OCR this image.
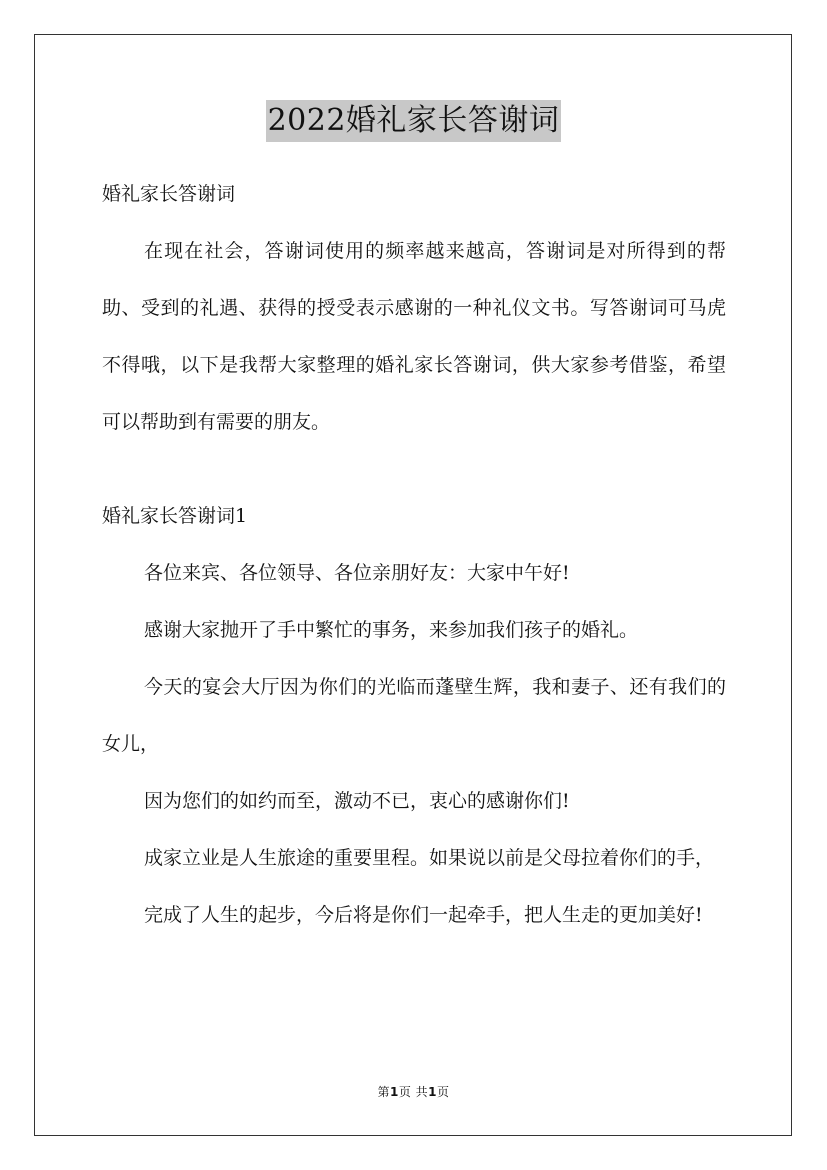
2022婚礼家长答谢词

婚礼家长答谢词

在现在社会，答谢词使用的频率越来越高，答谢词是对所得到的帮助、受到的礼遇、获得的授受表示感谢的一种礼仪文书。写答谢词可马虎不得哦，以下是我帮大家整理的婚礼家长答谢词，供大家参考借鉴，希望可以帮助到有需要的朋友。

婚礼家长答谢词1

各位来宾、各位领导、各位亲朋好友：大家中午好!

感谢大家抛开了手中繁忙的事务，来参加我们孩子的婚礼。

今天的宴会大厅因为你们的光临而蓬壁生辉，我和妻子、还有我们的女儿，

因为您们的如约而至，激动不已，衷心的感谢你们!

成家立业是人生旅途的重要里程。如果说以前是父母拉着你们的手，

完成了人生的起步，今后将是你们一起牵手，把人生走的更加美好!

第1页 共1页
